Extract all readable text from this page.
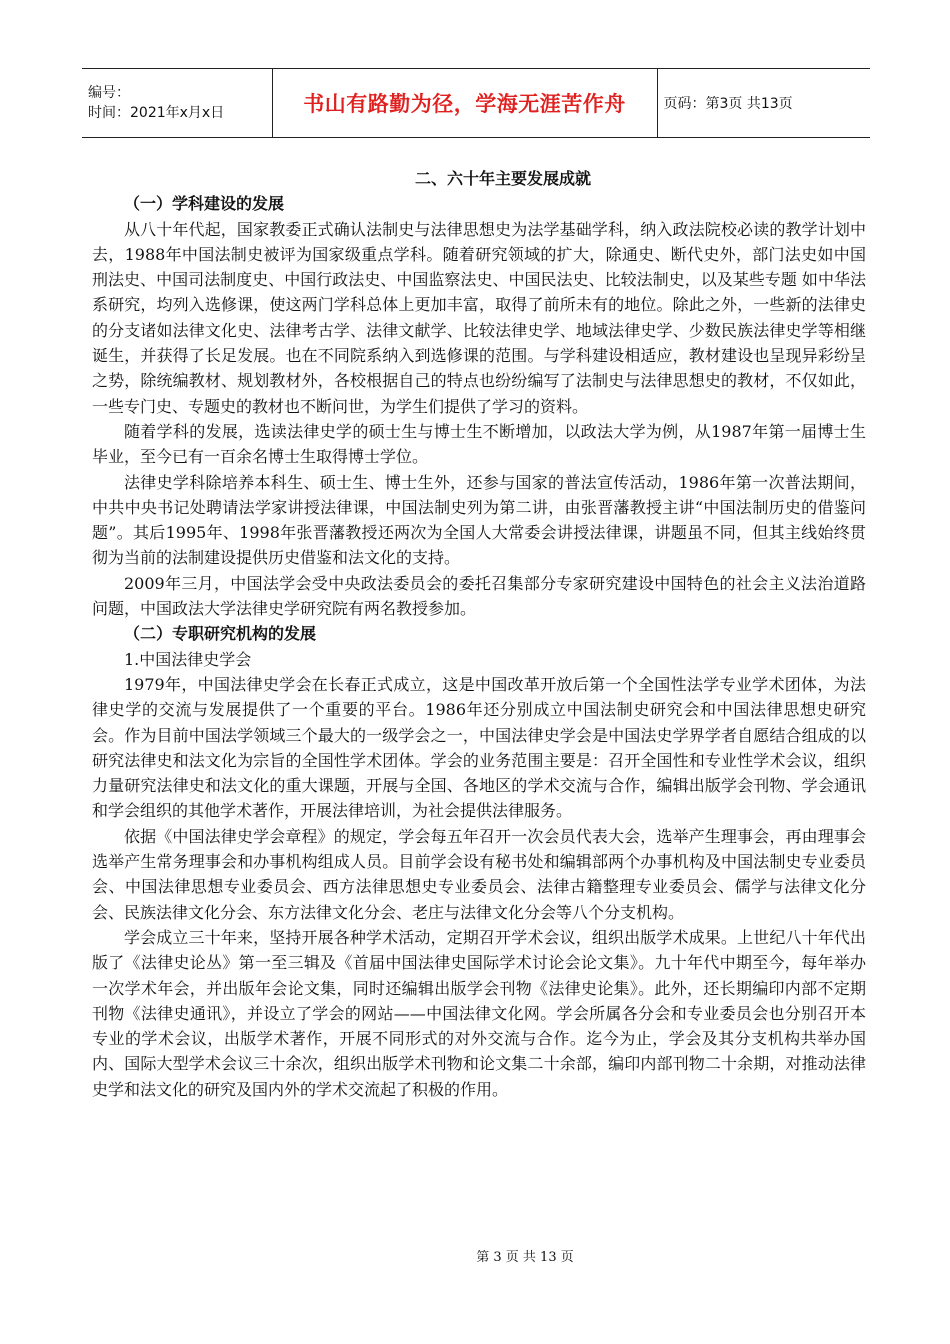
编号：
时间：2021年x月x日	书山有路勤为径，学海无涯苦作舟	页码：第3页 共13页

二、六十年主要发展成就

（一）学科建设的发展

从八十年代起，国家教委正式确认法制史与法律思想史为法学基础学科，纳入政法院校必读的教学计划中去，1988年中国法制史被评为国家级重点学科。随着研究领域的扩大，除通史、断代史外，部门法史如中国刑法史、中国司法制度史、中国行政法史、中国监察法史、中国民法史、比较法制史，以及某些专题 如中华法系研究，均列入选修课，使这两门学科总体上更加丰富，取得了前所未有的地位。除此之外，一些新的法律史的分支诸如法律文化史、法律考古学、法律文献学、比较法律史学、地域法律史学、少数民族法律史学等相继诞生，并获得了长足发展。也在不同院系纳入到选修课的范围。与学科建设相适应，教材建设也呈现异彩纷呈之势，除统编教材、规划教材外，各校根据自己的特点也纷纷编写了法制史与法律思想史的教材，不仅如此，一些专门史、专题史的教材也不断问世，为学生们提供了学习的资料。

随着学科的发展，选读法律史学的硕士生与博士生不断增加，以政法大学为例，从1987年第一届博士生毕业，至今已有一百余名博士生取得博士学位。

法律史学科除培养本科生、硕士生、博士生外，还参与国家的普法宣传活动，1986年第一次普法期间，中共中央书记处聘请法学家讲授法律课，中国法制史列为第二讲，由张晋藩教授主讲“中国法制历史的借鉴问题”。其后1995年、1998年张晋藩教授还两次为全国人大常委会讲授法律课，讲题虽不同，但其主线始终贯彻为当前的法制建设提供历史借鉴和法文化的支持。

2009年三月，中国法学会受中央政法委员会的委托召集部分专家研究建设中国特色的社会主义法治道路问题，中国政法大学法律史学研究院有两名教授参加。

（二）专职研究机构的发展

1.中国法律史学会

1979年，中国法律史学会在长春正式成立，这是中国改革开放后第一个全国性法学专业学术团体，为法律史学的交流与发展提供了一个重要的平台。1986年还分别成立中国法制史研究会和中国法律思想史研究会。作为目前中国法学领域三个最大的一级学会之一，中国法律史学会是中国法史学界学者自愿结合组成的以研究法律史和法文化为宗旨的全国性学术团体。学会的业务范围主要是：召开全国性和专业性学术会议，组织力量研究法律史和法文化的重大课题，开展与全国、各地区的学术交流与合作，编辑出版学会刊物、学会通讯和学会组织的其他学术著作，开展法律培训，为社会提供法律服务。

依据《中国法律史学会章程》的规定，学会每五年召开一次会员代表大会，选举产生理事会，再由理事会选举产生常务理事会和办事机构组成人员。目前学会设有秘书处和编辑部两个办事机构及中国法制史专业委员会、中国法律思想专业委员会、西方法律思想史专业委员会、法律古籍整理专业委员会、儒学与法律文化分会、民族法律文化分会、东方法律文化分会、老庄与法律文化分会等八个分支机构。

学会成立三十年来，坚持开展各种学术活动，定期召开学术会议，组织出版学术成果。上世纪八十年代出版了《法律史论丛》第一至三辑及《首届中国法律史国际学术讨论会论文集》。九十年代中期至今，每年举办一次学术年会，并出版年会论文集，同时还编辑出版学会刊物《法律史论集》。此外，还长期编印内部不定期刊物《法律史通讯》，并设立了学会的网站——中国法律文化网。学会所属各分会和专业委员会也分别召开本专业的学术会议，出版学术著作，开展不同形式的对外交流与合作。迄今为止，学会及其分支机构共举办国内、国际大型学术会议三十余次，组织出版学术刊物和论文集二十余部，编印内部刊物二十余期，对推动法律史学和法文化的研究及国内外的学术交流起了积极的作用。

第 3 页 共 13 页
